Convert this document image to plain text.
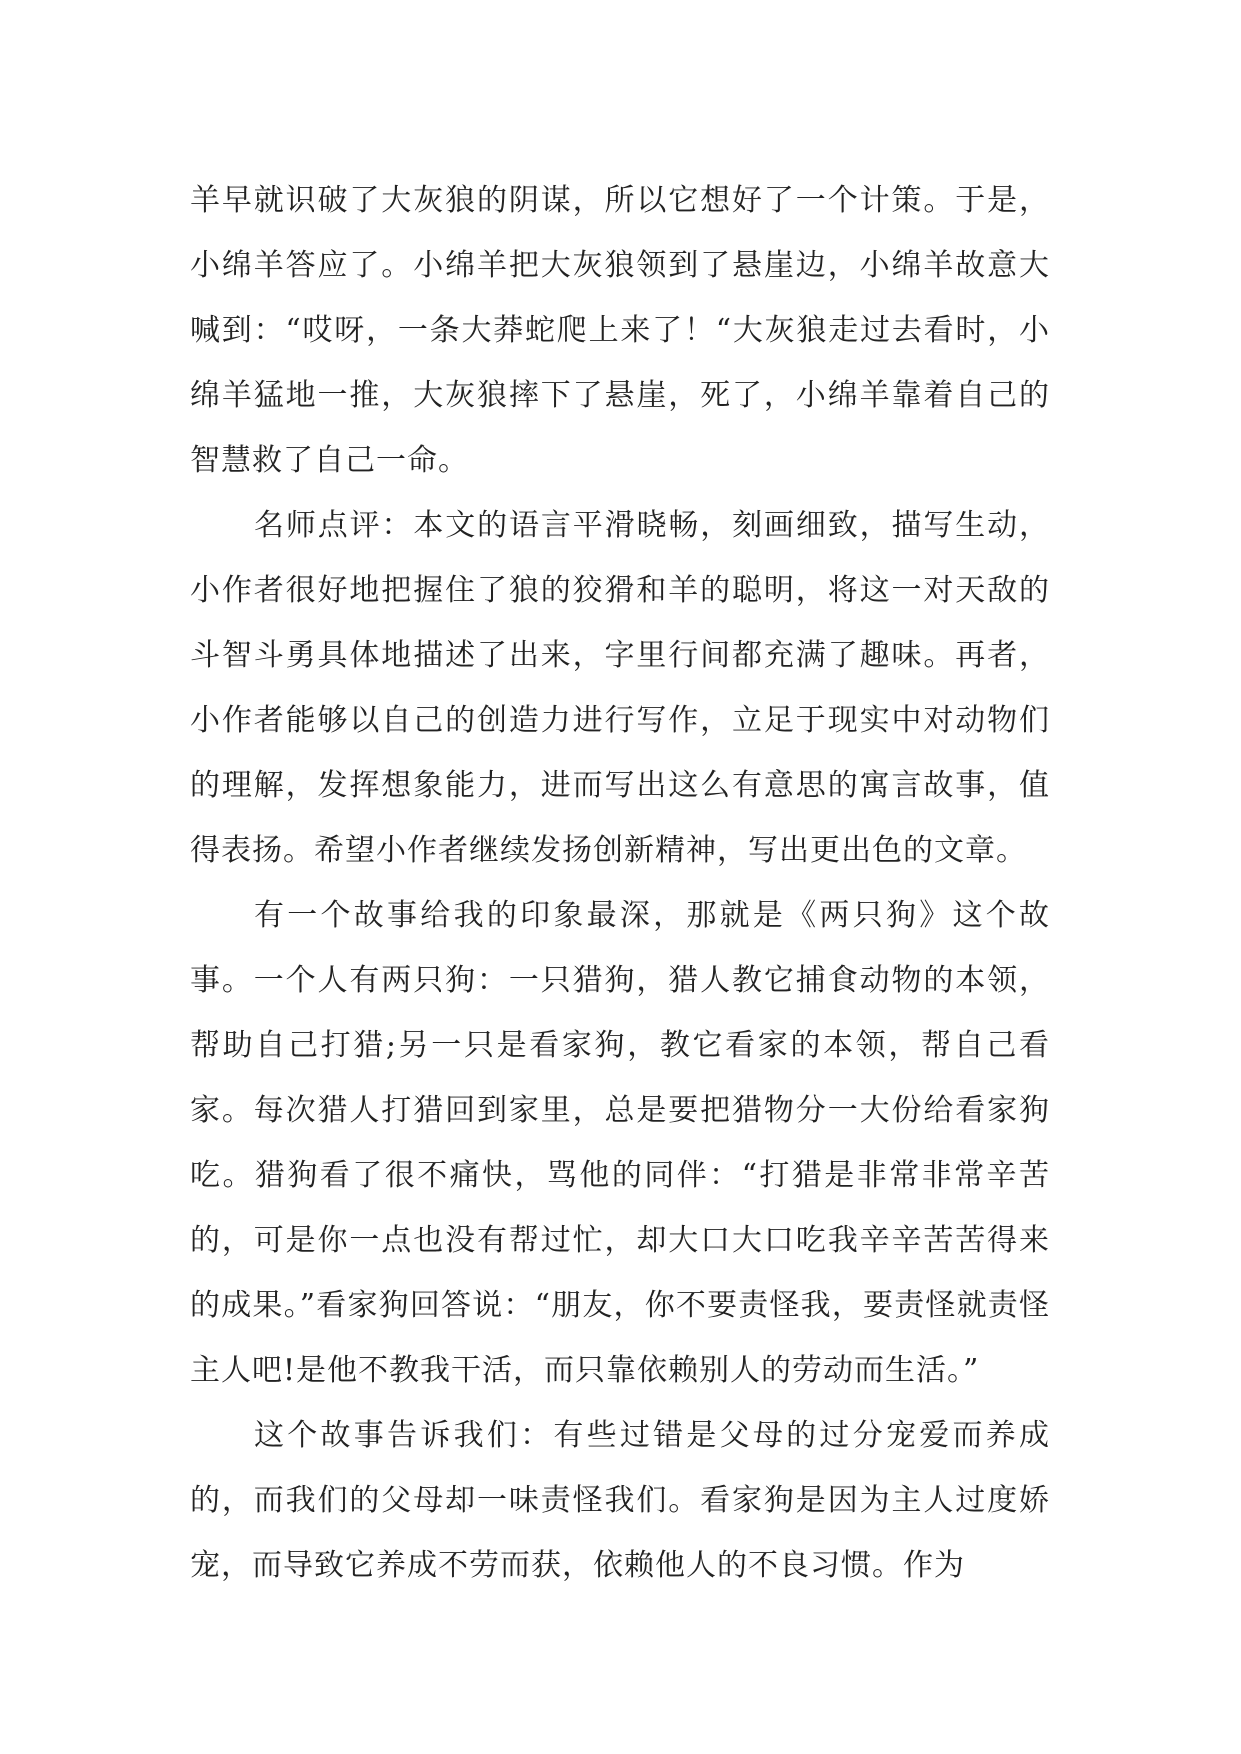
羊早就识破了大灰狼的阴谋，所以它想好了一个计策。于是，小绵羊答应了。小绵羊把大灰狼领到了悬崖边，小绵羊故意大喊到：“哎呀，一条大莽蛇爬上来了！“大灰狼走过去看时，小绵羊猛地一推，大灰狼摔下了悬崖，死了，小绵羊靠着自己的智慧救了自己一命。

名师点评：本文的语言平滑晓畅，刻画细致，描写生动，小作者很好地把握住了狼的狡猾和羊的聪明，将这一对天敌的斗智斗勇具体地描述了出来，字里行间都充满了趣味。再者，小作者能够以自己的创造力进行写作，立足于现实中对动物们的理解，发挥想象能力，进而写出这么有意思的寓言故事，值得表扬。希望小作者继续发扬创新精神，写出更出色的文章。

有一个故事给我的印象最深，那就是《两只狗》这个故事。一个人有两只狗：一只猎狗，猎人教它捕食动物的本领，帮助自己打猎;另一只是看家狗，教它看家的本领，帮自己看家。每次猎人打猎回到家里，总是要把猎物分一大份给看家狗吃。猎狗看了很不痛快，骂他的同伴：“打猎是非常非常辛苦的，可是你一点也没有帮过忙，却大口大口吃我辛辛苦苦得来的成果。”看家狗回答说：“朋友，你不要责怪我，要责怪就责怪主人吧!是他不教我干活，而只靠依赖别人的劳动而生活。”

这个故事告诉我们：有些过错是父母的过分宠爱而养成的，而我们的父母却一味责怪我们。看家狗是因为主人过度娇宠，而导致它养成不劳而获，依赖他人的不良习惯。作为
